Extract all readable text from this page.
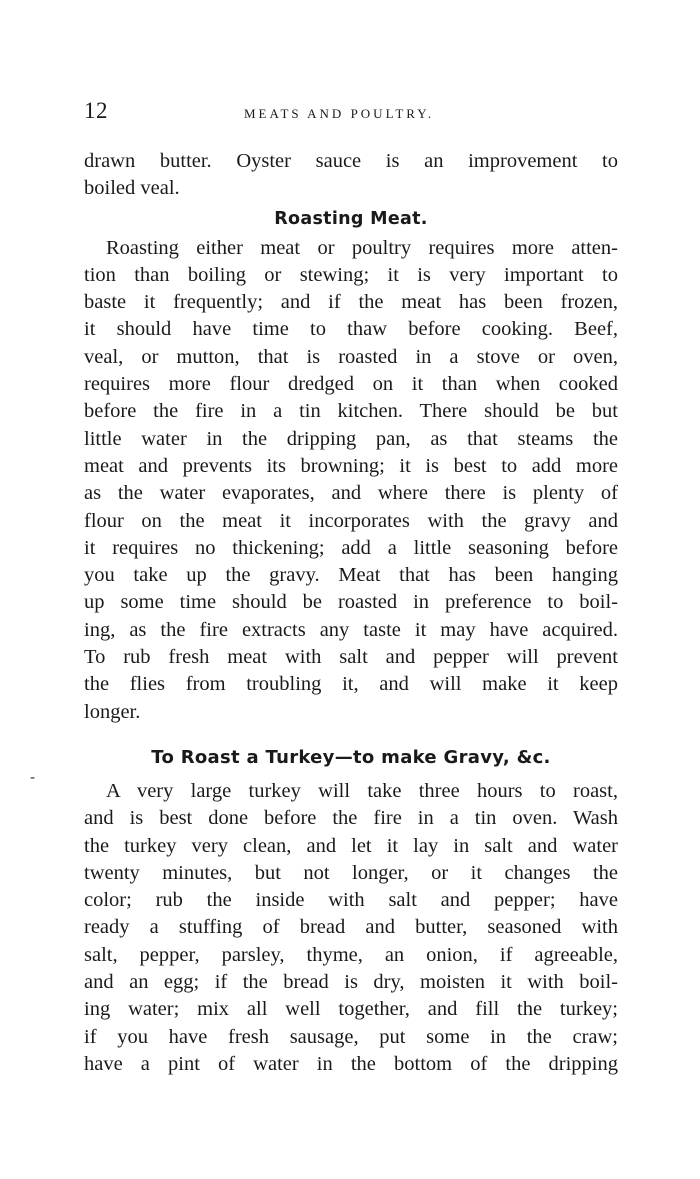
12	MEATS AND POULTRY.
-
drawn butter. Oyster sauce is an improvement to
boiled veal.
Roasting Meat.
Roasting either meat or poultry requires more atten-
tion than boiling or stewing; it is very important to
baste it frequently; and if the meat has been frozen,
it should have time to thaw before cooking. Beef,
veal, or mutton, that is roasted in a stove or oven,
requires more flour dredged on it than when cooked
before the fire in a tin kitchen. There should be but
little water in the dripping pan, as that steams the
meat and prevents its browning; it is best to add more
as the water evaporates, and where there is plenty of
flour on the meat it incorporates with the gravy and
it requires no thickening; add a little seasoning before
you take up the gravy. Meat that has been hanging
up some time should be roasted in preference to boil-
ing, as the fire extracts any taste it may have acquired.
To rub fresh meat with salt and pepper will prevent
the flies from troubling it, and will make it keep
longer.
To Roast a Turkey—to make Gravy, &c.
A very large turkey will take three hours to roast,
and is best done before the fire in a tin oven. Wash
the turkey very clean, and let it lay in salt and water
twenty minutes, but not longer, or it changes the
color; rub the inside with salt and pepper; have
ready a stuffing of bread and butter, seasoned with
salt, pepper, parsley, thyme, an onion, if agreeable,
and an egg; if the bread is dry, moisten it with boil-
ing water; mix all well together, and fill the turkey;
if you have fresh sausage, put some in the craw;
have a pint of water in the bottom of the dripping
